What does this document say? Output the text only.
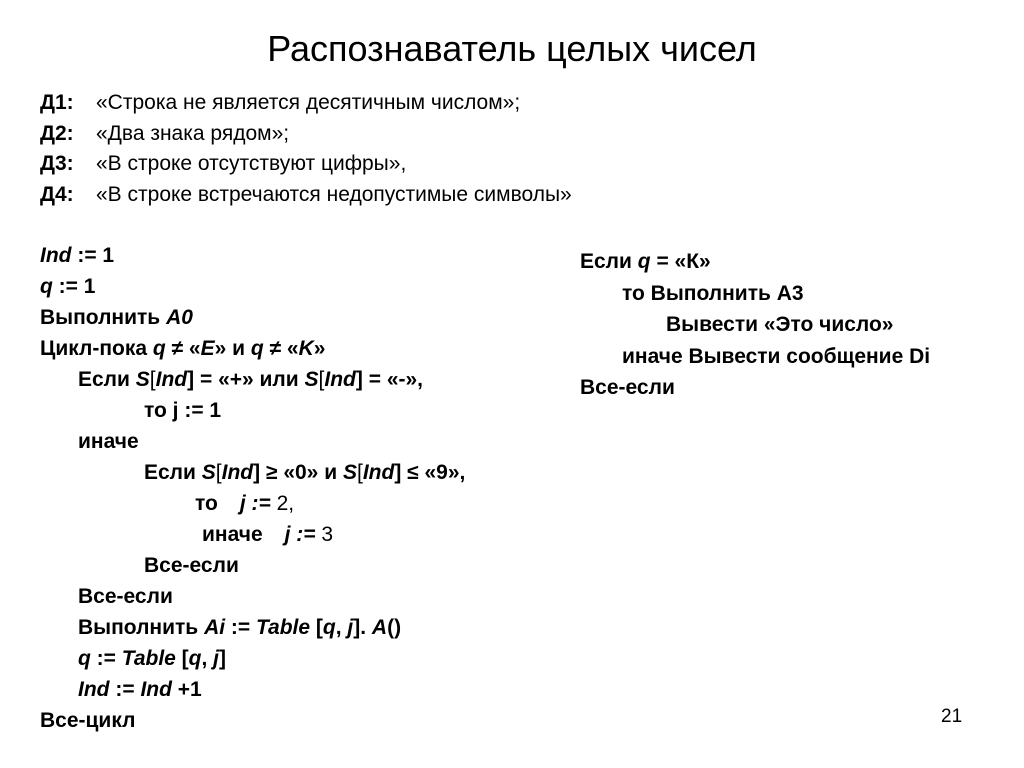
Распознаватель целых чисел
Д1: «Строка не является десятичным числом»;
Д2: «Два знака рядом»;
Д3: «В строке отсутствуют цифры»,
Д4: «В строке встречаются недопустимые символы»
Ind := 1
q := 1
Выполнить A0
Цикл-пока q ≠ «E» и q ≠ «K»
Если S[Ind] = «+» или S[Ind] = «-»,
то j := 1
иначе
Если S[Ind] ≥ «0» и S[Ind] ≤ «9»,
то j := 2,
иначе j := 3
Все-если
Все-если
Выполнить Ai := Table [q, j]. A()
q := Table [q, j]
Ind := Ind +1
Все-цикл
Если q = «К»
то Выполнить А3
Вывести «Это число»
иначе Вывести сообщение Di
Все-если
21
